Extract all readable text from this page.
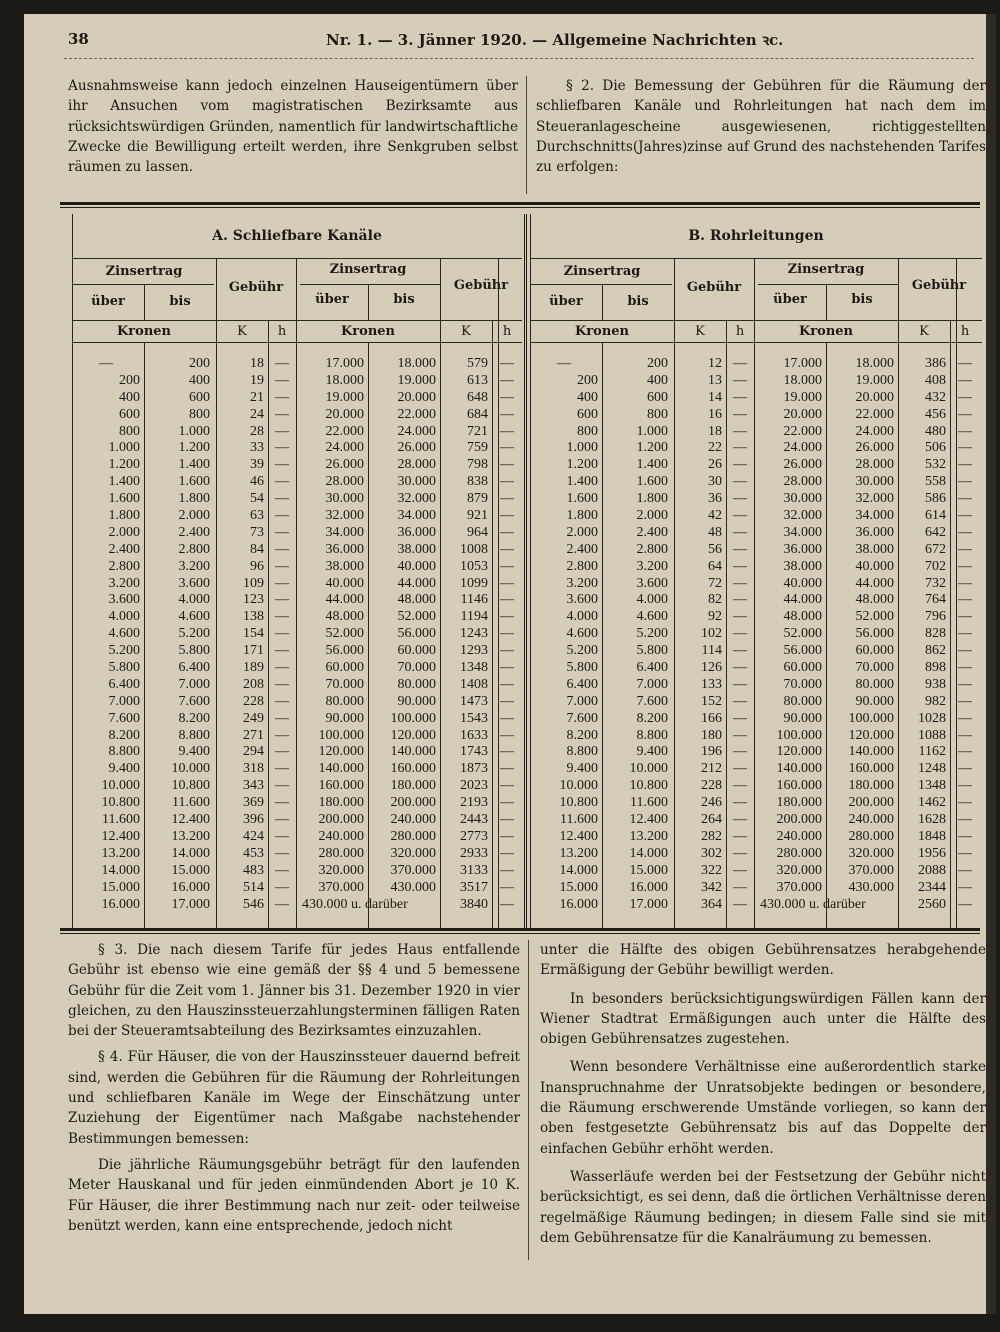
38	Nr. 1. — 3. Jänner 1920. — Allgemeine Nachrichten ꝛc.

Ausnahmsweise kann jedoch einzelnen Hauseigentümern über ihr Ansuchen vom magistratischen Bezirksamte aus rücksichtswürdigen Gründen, namentlich für landwirtschaftliche Zwecke die Bewilligung erteilt werden, ihre Senkgruben selbst räumen zu lassen.

§ 2. Die Bemessung der Gebühren für die Räumung der schliefbaren Kanäle und Rohrleitungen hat nach dem im Steueranlagescheine ausgewiesenen, richtiggestellten Durchschnitts(Jahres)zinse auf Grund des nachstehenden Tarifes zu erfolgen:

A. Schliefbare Kanäle
Zinsertrag	Zinsertrag
Gebühr	Gebühr
über	bis	über	bis
Kronen	Kronen
K	h	K	h
—	200	18 —	17.000	18.000	579 —
200	400	19 —	18.000	19.000	613 —
400	600	21 —	19.000	20.000	648 —
600	800	24 —	20.000	22.000	684 —
800	1.000	28 —	22.000	24.000	721 —
1.000	1.200	33 —	24.000	26.000	759 —
1.200	1.400	39 —	26.000	28.000	798 —
1.400	1.600	46 —	28.000	30.000	838 —
1.600	1.800	54 —	30.000	32.000	879 —
1.800	2.000	63 —	32.000	34.000	921 —
2.000	2.400	73 —	34.000	36.000	964 —
2.400	2.800	84 —	36.000	38.000	1008 —
2.800	3.200	96 —	38.000	40.000	1053 —
3.200	3.600	109 —	40.000	44.000	1099 —
3.600	4.000	123 —	44.000	48.000	1146 —
4.000	4.600	138 —	48.000	52.000	1194 —
4.600	5.200	154 —	52.000	56.000	1243 —
5.200	5.800	171 —	56.000	60.000	1293 —
5.800	6.400	189 —	60.000	70.000	1348 —
6.400	7.000	208 —	70.000	80.000	1408 —
7.000	7.600	228 —	80.000	90.000	1473 —
7.600	8.200	249 —	90.000	100.000	1543 —
8.200	8.800	271 —	100.000	120.000	1633 —
8.800	9.400	294 —	120.000	140.000	1743 —
9.400	10.000	318 —	140.000	160.000	1873 —
10.000	10.800	343 —	160.000	180.000	2023 —
10.800	11.600	369 —	180.000	200.000	2193 —
11.600	12.400	396 —	200.000	240.000	2443 —
12.400	13.200	424 —	240.000	280.000	2773 —
13.200	14.000	453 —	280.000	320.000	2933 —
14.000	15.000	483 —	320.000	370.000	3133 —
15.000	16.000	514 —	370.000	430.000	3517 —
16.000	17.000	546 — 430.000 u. darüber	3840 —
B. Rohrleitungen
Zinsertrag	Zinsertrag
Gebühr	Gebühr
über	bis	über	bis
Kronen	Kronen
K	h	K	h
—	200	12 —	17.000	18.000	386 —
200	400	13 —	18.000	19.000	408 —
400	600	14 —	19.000	20.000	432 —
600	800	16 —	20.000	22.000	456 —
800	1.000	18 —	22.000	24.000	480 —
1.000	1.200	22 —	24.000	26.000	506 —
1.200	1.400	26 —	26.000	28.000	532 —
1.400	1.600	30 —	28.000	30.000	558 —
1.600	1.800	36 —	30.000	32.000	586 —
1.800	2.000	42 —	32.000	34.000	614 —
2.000	2.400	48 —	34.000	36.000	642 —
2.400	2.800	56 —	36.000	38.000	672 —
2.800	3.200	64 —	38.000	40.000	702 —
3.200	3.600	72 —	40.000	44.000	732 —
3.600	4.000	82 —	44.000	48.000	764 —
4.000	4.600	92 —	48.000	52.000	796 —
4.600	5.200	102 —	52.000	56.000	828 —
5.200	5.800	114 —	56.000	60.000	862 —
5.800	6.400	126 —	60.000	70.000	898 —
6.400	7.000	133 —	70.000	80.000	938 —
7.000	7.600	152 —	80.000	90.000	982 —
7.600	8.200	166 —	90.000	100.000	1028 —
8.200	8.800	180 —	100.000	120.000	1088 —
8.800	9.400	196 —	120.000	140.000	1162 —
9.400	10.000	212 —	140.000	160.000	1248 —
10.000	10.800	228 —	160.000	180.000	1348 —
10.800	11.600	246 —	180.000	200.000	1462 —
11.600	12.400	264 —	200.000	240.000	1628 —
12.400	13.200	282 —	240.000	280.000	1848 —
13.200	14.000	302 —	280.000	320.000	1956 —
14.000	15.000	322 —	320.000	370.000	2088 —
15.000	16.000	342 —	370.000	430.000	2344 —
16.000	17.000	364 — 430.000 u. darüber	2560 —

§ 3. Die nach diesem Tarife für jedes Haus entfallende Gebühr ist ebenso wie eine gemäß der §§ 4 und 5 bemessene Gebühr für die Zeit vom 1. Jänner bis 31. Dezember 1920 in vier gleichen, zu den Hauszinssteuerzahlungsterminen fälligen Raten bei der Steueramtsabteilung des Bezirksamtes einzuzahlen.

§ 4. Für Häuser, die von der Hauszinssteuer dauernd befreit sind, werden die Gebühren für die Räumung der Rohrleitungen und schliefbaren Kanäle im Wege der Einschätzung unter Zuziehung der Eigentümer nach Maßgabe nachstehender Bestimmungen bemessen:

Die jährliche Räumungsgebühr beträgt für den laufenden Meter Hauskanal und für jeden einmündenden Abort je 10 K. Für Häuser, die ihrer Bestimmung nach nur zeit- oder teilweise benützt werden, kann eine entsprechende, jedoch nicht

unter die Hälfte des obigen Gebührensatzes herabgehende Ermäßigung der Gebühr bewilligt werden.

In besonders berücksichtigungswürdigen Fällen kann der Wiener Stadtrat Ermäßigungen auch unter die Hälfte des obigen Gebührensatzes zugestehen.

Wenn besondere Verhältnisse eine außerordentlich starke Inanspruchnahme der Unratsobjekte bedingen or besondere, die Räumung erschwerende Umstände vorliegen, so kann der oben festgesetzte Gebührensatz bis auf das Doppelte der einfachen Gebühr erhöht werden.

Wasserläufe werden bei der Festsetzung der Gebühr nicht berücksichtigt, es sei denn, daß die örtlichen Verhältnisse deren regelmäßige Räumung bedingen; in diesem Falle sind sie mit dem Gebührensatze für die Kanalräumung zu bemessen.
